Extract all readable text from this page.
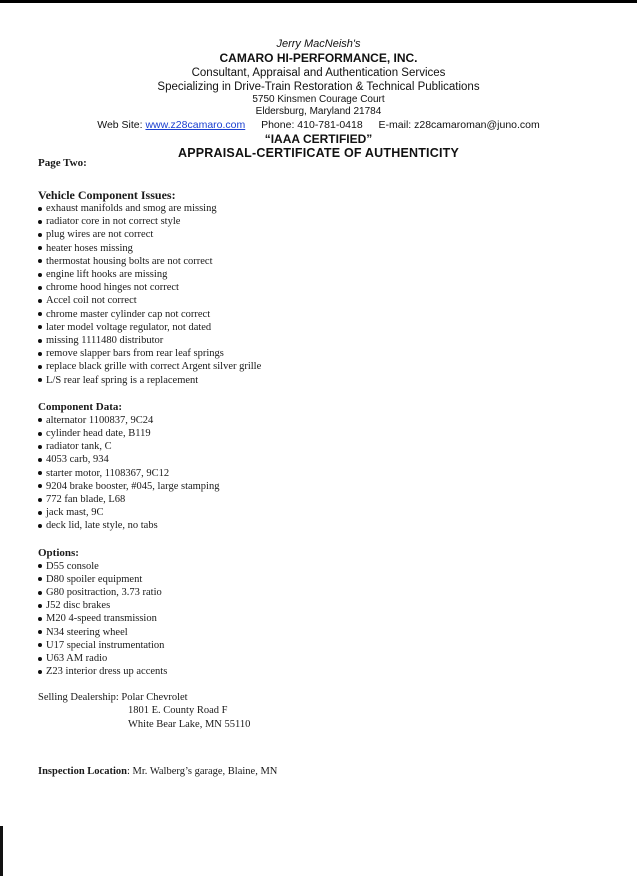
Jerry MacNeish's
CAMARO HI-PERFORMANCE, INC.
Consultant, Appraisal and Authentication Services
Specializing in Drive-Train Restoration & Technical Publications
5750 Kinsmen Courage Court
Eldersburg, Maryland 21784
Web Site: www.z28camaro.com Phone: 410-781-0418 E-mail: z28camaroman@juno.com
“IAAA CERTIFIED”
APPRAISAL-CERTIFICATE OF AUTHENTICITY
Page Two:
Vehicle Component Issues:
exhaust manifolds and smog are missing
radiator core in not correct style
plug wires are not correct
heater hoses missing
thermostat housing bolts are not correct
engine lift hooks are missing
chrome hood hinges not correct
Accel coil not correct
chrome master cylinder cap not correct
later model voltage regulator, not dated
missing 1111480 distributor
remove slapper bars from rear leaf springs
replace black grille with correct Argent silver grille
L/S rear leaf spring is a replacement
Component Data:
alternator 1100837, 9C24
cylinder head date, B119
radiator tank, C
4053 carb, 934
starter motor, 1108367, 9C12
9204 brake booster, #045, large stamping
772 fan blade, L68
jack mast, 9C
deck lid, late style, no tabs
Options:
D55 console
D80 spoiler equipment
G80 positraction, 3.73 ratio
J52 disc brakes
M20 4-speed transmission
N34 steering wheel
U17 special instrumentation
U63 AM radio
Z23 interior dress up accents
Selling Dealership: Polar Chevrolet
1801 E. County Road F
White Bear Lake, MN 55110
Inspection Location: Mr. Walberg’s garage, Blaine, MN
